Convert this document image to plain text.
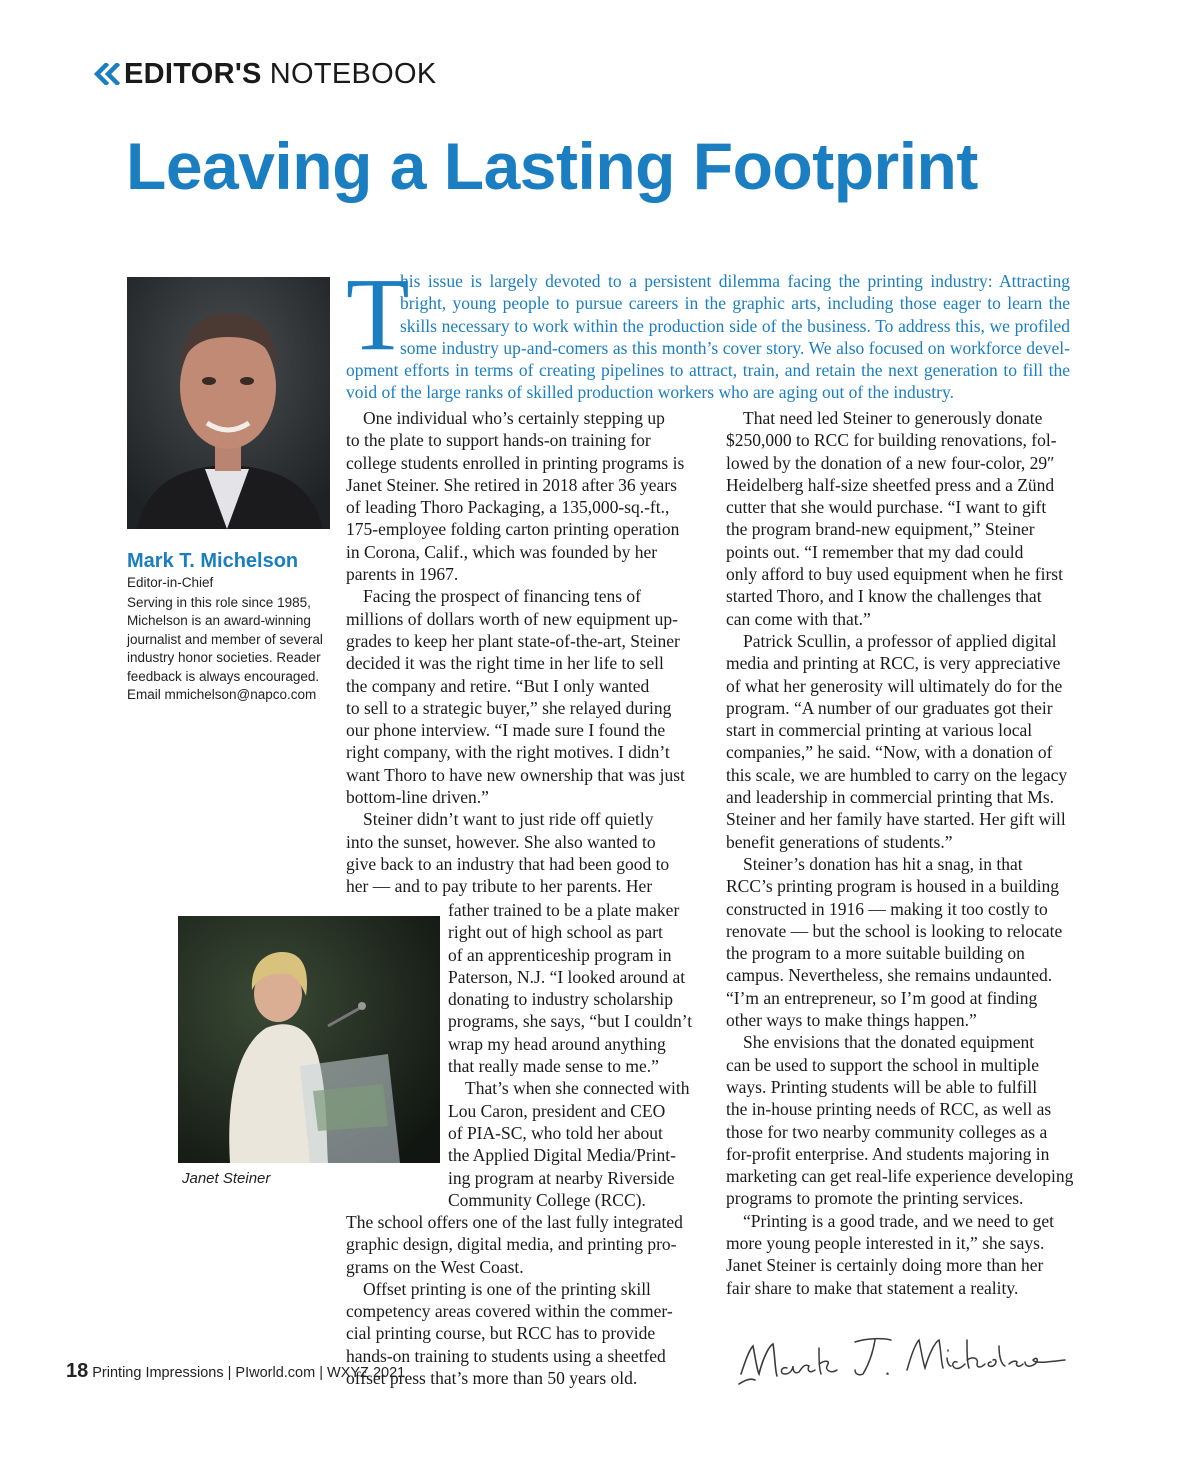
EDITOR'S NOTEBOOK
Leaving a Lasting Footprint
Mark T. Michelson
Editor-in-Chief

Serving in this role since 1985,

Michelson is an award-winning

journalist and member of several

industry honor societies. Reader

feedback is always encouraged.

Email mmichelson@napco.com

T

his issue is largely devoted to a persistent dilemma facing the printing industry: Attracting

bright, young people to pursue careers in the graphic arts, including those eager to learn the

skills necessary to work within the production side of the business. To address this, we profiled

some industry up-and-comers as this month’s cover story. We also focused on workforce devel-

opment efforts in terms of creating pipelines to attract, train, and retain the next generation to fill the

void of the large ranks of skilled production workers who are aging out of the industry.

One individual who’s certainly stepping up

to the plate to support hands-on training for

college students enrolled in printing programs is

Janet Steiner. She retired in 2018 after 36 years

of leading Thoro Packaging, a 135,000-sq.-ft.,

175-employee folding carton printing operation

in Corona, Calif., which was founded by her

parents in 1967.

Facing the prospect of financing tens of

millions of dollars worth of new equipment up-

grades to keep her plant state-of-the-art, Steiner

decided it was the right time in her life to sell

the company and retire. “But I only wanted

to sell to a strategic buyer,” she relayed during

our phone interview. “I made sure I found the

right company, with the right motives. I didn’t

want Thoro to have new ownership that was just

bottom-line driven.”

Steiner didn’t want to just ride off quietly

into the sunset, however. She also wanted to

give back to an industry that had been good to

her — and to pay tribute to her parents. Her

Janet Steiner

father trained to be a plate maker

right out of high school as part

of an apprenticeship program in

Paterson, N.J. “I looked around at

donating to industry scholarship

programs, she says, “but I couldn’t

wrap my head around anything

that really made sense to me.”

That’s when she connected with

Lou Caron, president and CEO

of PIA-SC, who told her about

the Applied Digital Media/Print-

ing program at nearby Riverside

Community College (RCC).

The school offers one of the last fully integrated

graphic design, digital media, and printing pro-

grams on the West Coast.

Offset printing is one of the printing skill

competency areas covered within the commer-

cial printing course, but RCC has to provide

hands-on training to students using a sheetfed

offset press that’s more than 50 years old.

That need led Steiner to generously donate

$250,000 to RCC for building renovations, fol-

lowed by the donation of a new four-color, 29″

Heidelberg half-size sheetfed press and a Zünd

cutter that she would purchase. “I want to gift

the program brand-new equipment,” Steiner

points out. “I remember that my dad could

only afford to buy used equipment when he first

started Thoro, and I know the challenges that

can come with that.”

Patrick Scullin, a professor of applied digital

media and printing at RCC, is very appreciative

of what her generosity will ultimately do for the

program. “A number of our graduates got their

start in commercial printing at various local

companies,” he said. “Now, with a donation of

this scale, we are humbled to carry on the legacy

and leadership in commercial printing that Ms.

Steiner and her family have started. Her gift will

benefit generations of students.”

Steiner’s donation has hit a snag, in that

RCC’s printing program is housed in a building

constructed in 1916 — making it too costly to

renovate — but the school is looking to relocate

the program to a more suitable building on

campus. Nevertheless, she remains undaunted.

“I’m an entrepreneur, so I’m good at finding

other ways to make things happen.”

She envisions that the donated equipment

can be used to support the school in multiple

ways. Printing students will be able to fulfill

the in-house printing needs of RCC, as well as

those for two nearby community colleges as a

for-profit enterprise. And students majoring in

marketing can get real-life experience developing

programs to promote the printing services.

“Printing is a good trade, and we need to get

more young people interested in it,” she says.

Janet Steiner is certainly doing more than her

fair share to make that statement a reality.

18 Printing Impressions | PIworld.com | WXYZ 2021
